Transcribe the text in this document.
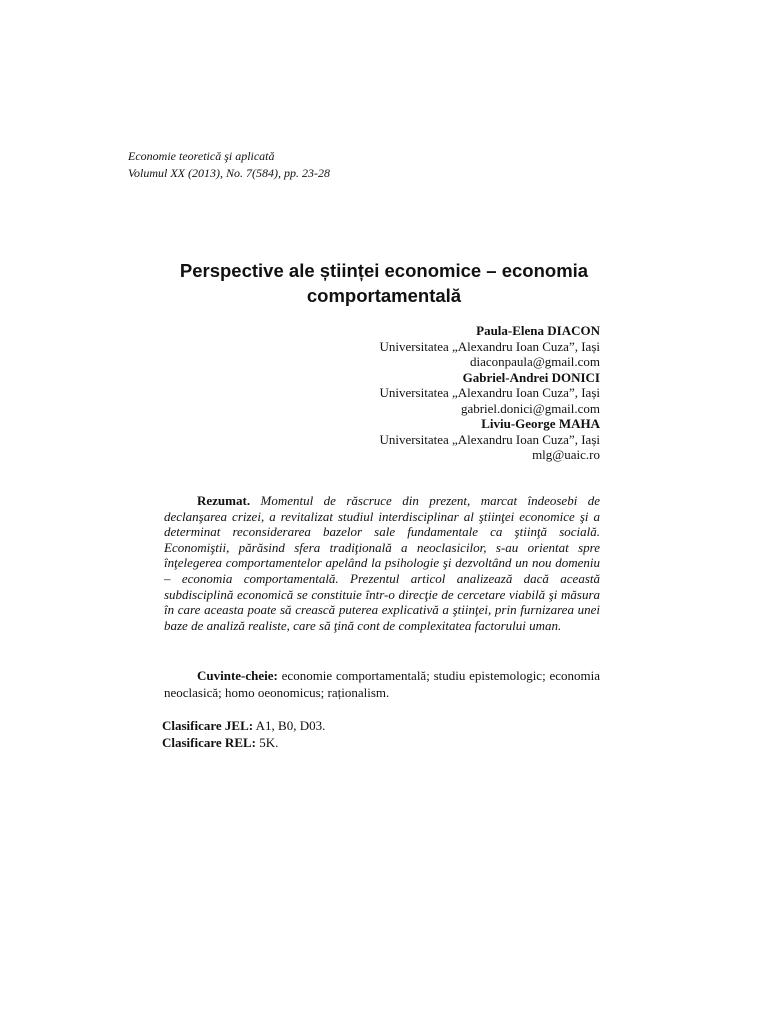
Economie teoretică şi aplicată
Volumul XX (2013), No. 7(584), pp. 23-28
Perspective ale științei economice – economia
comportamentală
Paula-Elena DIACON
Universitatea „Alexandru Ioan Cuza”, Iași
diaconpaula@gmail.com
Gabriel-Andrei DONICI
Universitatea „Alexandru Ioan Cuza”, Iași
gabriel.donici@gmail.com
Liviu-George MAHA
Universitatea „Alexandru Ioan Cuza”, Iași
mlg@uaic.ro
Rezumat. Momentul de răscruce din prezent, marcat îndeosebi de declanşarea crizei, a revitalizat studiul interdisciplinar al ştiinţei economice şi a determinat reconsiderarea bazelor sale fundamentale ca ştiinţă socială. Economiştii, părăsind sfera tradiţională a neoclasicilor, s-au orientat spre înţelegerea comportamentelor apelând la psihologie şi dezvoltând un nou domeniu – economia comportamentală. Prezentul articol analizează dacă această subdisciplină economică se constituie într-o direcţie de cercetare viabilă şi măsura în care aceasta poate să crească puterea explicativă a ştiinţei, prin furnizarea unei baze de analiză realiste, care să ţină cont de complexitatea factorului uman.
Cuvinte-cheie: economie comportamentală; studiu epistemologic; economia neoclasică; homo oeonomicus; raționalism.
Clasificare JEL: A1, B0, D03.
Clasificare REL: 5K.
